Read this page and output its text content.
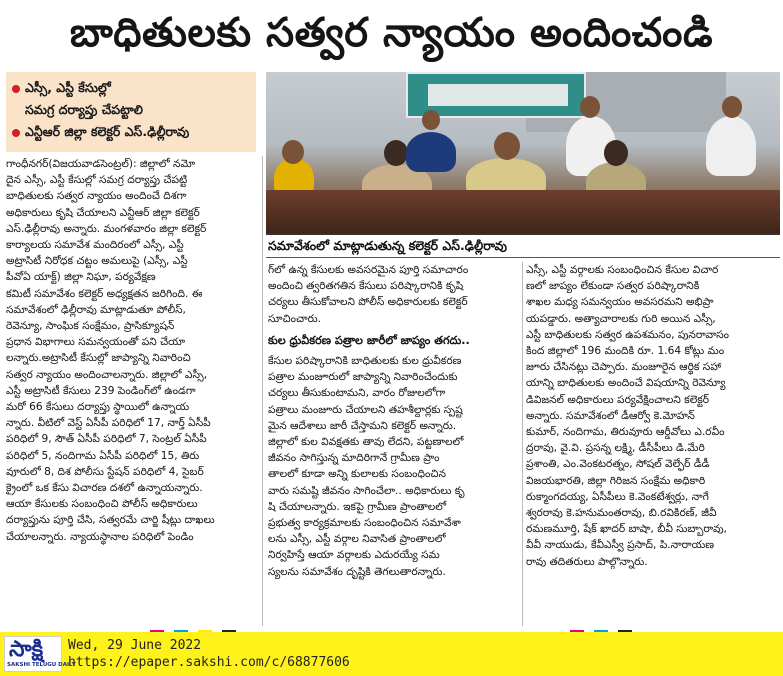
బాధితులకు సత్వర న్యాయం అందించండి
ఎస్సీ, ఎస్టీ కేసుల్లో
సమగ్ర దర్యాప్తు చేపట్టాలి
ఎన్టీఆర్ జిల్లా కలెక్టర్ ఎస్.ఢిల్లీరావు
సమావేశంలో మాట్లాడుతున్న కలెక్టర్ ఎస్.ఢిల్లీరావు

గాంధీనగర్(విజయవాడసెంట్రల్): జిల్లాలో నమో

దైన ఎస్సీ, ఎస్టీ కేసుల్లో సమగ్ర దర్యాప్తు చేపట్టి

బాధితులకు సత్వర న్యాయం అందించే దిశగా

అధికారులు కృషి చేయాలని ఎన్టీఆర్ జిల్లా కలెక్టర్

ఎస్.ఢిల్లీరావు అన్నారు. మంగళవారం జిల్లా కలెక్టర్

కార్యాలయ సమావేశ మందిరంలో ఎస్సీ, ఎస్టీ

అట్రాసిటీ నిరోధక చట్టం అమలుపై (ఎస్సీ, ఎస్టీ

పీవోఏ యాక్ట్) జిల్లా నిఘా, పర్యవేక్షణ

కమిటీ సమావేశం కలెక్టర్ అధ్యక్షతన జరిగింది. ఈ

సమావేశంలో ఢిల్లీరావు మాట్లాడుతూ పోలీస్,

రెవెన్యూ, సాంఘిక సంక్షేమం, ప్రాసిక్యూషన్

ప్రధాన విభాగాలు సమన్వయంతో పని చేయా

లన్నారు.అట్రాసిటీ కేసుల్లో జాప్యాన్ని నివారించి

సత్వర న్యాయం అందించాలన్నారు. జిల్లాలో ఎస్సీ,

ఎస్టీ అట్రాసిటీ కేసులు 239 పెండింగ్‌లో ఉండగా

మరో 66 కేసులు దర్యాప్తు స్థాయిలో ఉన్నాయ

న్నారు. వీటిలో వెస్ట్ ఏసీపీ పరిధిలో 17, నార్త్ ఏసీపీ

పరిధిలో 9, సౌత్ ఏసీపీ పరిధిలో 7, సెంట్రల్ ఏసీపీ

పరిధిలో 5, నందిగామ ఏసీపీ పరిధిలో 15, తిరు

వూరులో 8, దిశ పోలీసు స్టేషన్ పరిధిలో 4, సైబర్

క్రైంలో ఒక కేసు విచారణ దశలో ఉన్నాయన్నారు.

ఆయా కేసులకు సంబంధించి పోలీస్ అధికారులు

దర్యాప్తును పూర్తి చేసి, సత్వరమే చార్జి షీట్లు దాఖలు

చేయాలన్నారు. న్యాయస్థానాల పరిధిలో పెండిం

గ్‌లో ఉన్న కేసులకు అవసరమైన పూర్తి సమాచారం

అందించి త్వరితగతిన కేసులు పరిష్కారానికి కృషి

చర్యలు తీసుకోవాలని పోలీస్ అధికారులకు కలెక్టర్

సూచించారు.

కుల ధ్రువీకరణ పత్రాల జారీలో జాప్యం తగదు..

కేసుల పరిష్కారానికి బాధితులకు కుల ధ్రువీకరణ

పత్రాల మంజూరులో జాప్యాన్ని నివారించేందుకు

చర్యలు తీసుకుంటామని, వారం రోజులలోగా

పత్రాలు మంజూరు చేయాలని తహశీల్దార్లకు స్పష్ట

మైన ఆదేశాలు జారీ చేస్తామని కలెక్టర్ అన్నారు.

జిల్లాలో కుల వివక్షతకు తావు లేదని, పట్టణాలలో

జీవనం సాగిస్తున్న మాదిరిగానే గ్రామీణ ప్రాం

తాలలో కూడా అన్ని కులాలకు సంబంధించిన

వారు సమష్టి జీవనం సాగించేలా.. అధికారులు కృ

షి చేయాలన్నారు. ఇకపై గ్రామీణ ప్రాంతాలలో

ప్రభుత్వ కార్యక్రమాలకు సంబంధించిన సమావేశా

లను ఎస్సీ, ఎస్టీ వర్గాల నివాసిత ప్రాంతాలలో

నిర్వహిస్తే ఆయా వర్గాలకు ఎదురయ్యే సమ

స్యలను సమావేశం దృష్టికి తెగలుతారన్నారు.

ఎస్సీ, ఎస్టీ వర్గాలకు సంబంధించిన కేసుల విచార

ణలో జాప్యం లేకుండా సత్వర పరిష్కారానికి

శాఖల మధ్య సమన్వయం అవసరమని అభిప్రా

యపడ్డారు. అత్యాచారాలకు గురి అయిన ఎస్సీ,

ఎస్టీ బాధితులకు సత్వర ఉపశమనం, పునరావాసం

కింద జిల్లాలో 196 మందికి రూ. 1.64 కోట్లు మం

జూరు చేసినట్లు చెప్పారు. మంజూరైన ఆర్థిక సహా

యాన్ని బాధితులకు అందించే విషయాన్ని రెవెన్యూ

డివిజనల్ అధికారులు పర్యవేక్షించాలని కలెక్టర్

అన్నారు. సమావేశంలో డీఆర్వో కె.మోహన్

కుమార్, నందిగామ, తిరువూరు ఆర్డీవోలు ఎ.రవీం

ద్రరావు, వై.వి. ప్రసన్న లక్ష్మి, డీసీపీలు డి.మేరి

ప్రశాంతి, ఎం.వెంకటరత్నం, సోషల్ వెల్ఫేర్ డీడీ

విజయభారతి, జిల్లా గిరిజన సంక్షేమ అధికారి

రుక్మాంగదయ్య, ఏసీపీలు కె.వెంకటేశ్వర్లు, నాగే

శ్వరరావు కె.హనుమంతరావు, బి.రవికిరణ్, జీవీ

రమణమూర్తి, షేక్ ఖాదర్ బాషా, బీవీ సుబ్బారావు,

వీవీ నాయుడు, కేవీఎస్వీ ప్రసాద్, పి.నారాయణ

రావు తదితరులు పాల్గొన్నారు.

సాక్షి
SAKSHI TELUGU DAILY
Wed, 29 June 2022
https://epaper.sakshi.com/c/68877606
